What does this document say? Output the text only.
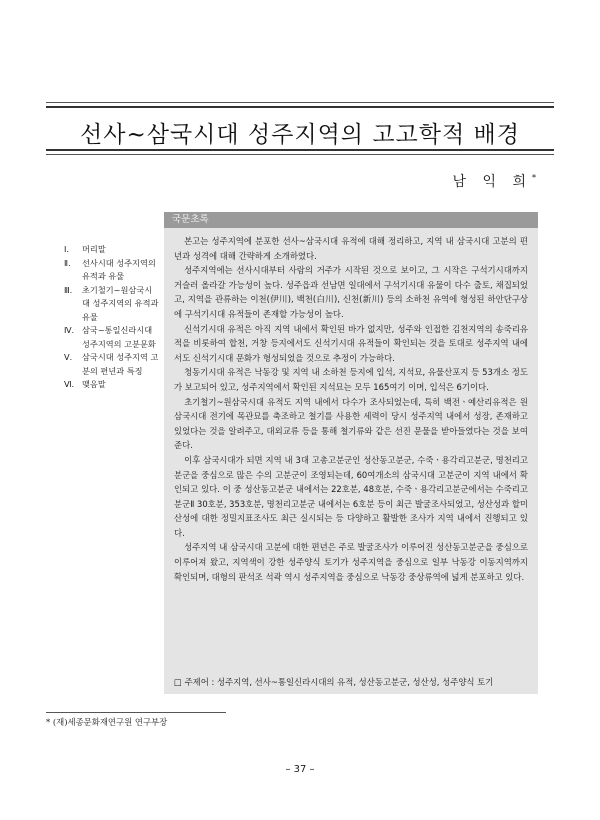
선사~삼국시대 성주지역의 고고학적 배경
남 익 희*
Ⅰ.	머리말
Ⅱ.	선사시대 성주지역의 유적과 유물
Ⅲ.	초기철기~원삼국시대 성주지역의 유적과 유물
Ⅳ. 삼국~통일신라시대 성주지역의 고분문화
Ⅴ.	삼국시대 성주지역 고분의 편년과 특징
Ⅵ. 맺음말
국문초록

본고는 성주지역에 분포한 선사~삼국시대 유적에 대해 정리하고, 지역 내 삼국시대 고분의 편년과 성격에 대해 간략하게 소개하였다.

성주지역에는 선사시대부터 사람의 거주가 시작된 것으로 보이고, 그 시작은 구석기시대까지 거슬러 올라갈 가능성이 높다. 성주읍과 선남면 일대에서 구석기시대 유물이 다수 출토, 채집되었고, 지역을 관류하는 이천(伊川), 백천(白川), 신천(新川) 등의 소하천 유역에 형성된 하안단구상에 구석기시대 유적들이 존재할 가능성이 높다.

신석기시대 유적은 아직 지역 내에서 확인된 바가 없지만, 성주와 인접한 김천지역의 송죽리유적을 비롯하여 합천, 거창 등지에서도 신석기시대 유적들이 확인되는 것을 토대로 성주지역 내에서도 신석기시대 문화가 형성되었을 것으로 추정이 가능하다.

청동기시대 유적은 낙동강 및 지역 내 소하천 등지에 입석, 지석묘, 유물산포지 등 53개소 정도가 보고되어 있고, 성주지역에서 확인된 지석묘는 모두 165여기 이며, 입석은 6기이다.

초기철기~원삼국시대 유적도 지역 내에서 다수가 조사되었는데, 특히 백전ㆍ예산리유적은 원삼국시대 전기에 목관묘를 축조하고 철기를 사용한 세력이 당시 성주지역 내에서 성장, 존재하고 있었다는 것을 알려주고, 대외교류 등을 통해 철기류와 같은 선진 문물을 받아들였다는 것을 보여준다.

이후 삼국시대가 되면 지역 내 3대 고총고분군인 성산동고분군, 수죽ㆍ용각리고분군, 명천리고분군을 중심으로 많은 수의 고분군이 조영되는데, 60여개소의 삼국시대 고분군이 지역 내에서 확인되고 있다. 이 중 성산동고분군 내에서는 22호분, 48호분, 수죽ㆍ용각리고분군에서는 수죽리고분군Ⅱ 30호분, 353호분, 명천리고분군 내에서는 6호분 등이 최근 발굴조사되었고, 성산성과 할미산성에 대한 정밀지표조사도 최근 실시되는 등 다양하고 활발한 조사가 지역 내에서 진행되고 있다.

성주지역 내 삼국시대 고분에 대한 편년은 주로 발굴조사가 이루어진 성산동고분군을 중심으로 이루어져 왔고, 지역색이 강한 성주양식 토기가 성주지역을 중심으로 일부 낙동강 이동지역까지 확인되며, 대형의 판석조 석곽 역시 성주지역을 중심으로 낙동강 중상류역에 넓게 분포하고 있다.

□ 주제어 : 성주지역, 선사~통일신라시대의 유적, 성산동고분군, 성산성, 성주양식 토기
* (재)세종문화재연구원 연구부장
– 37 –
